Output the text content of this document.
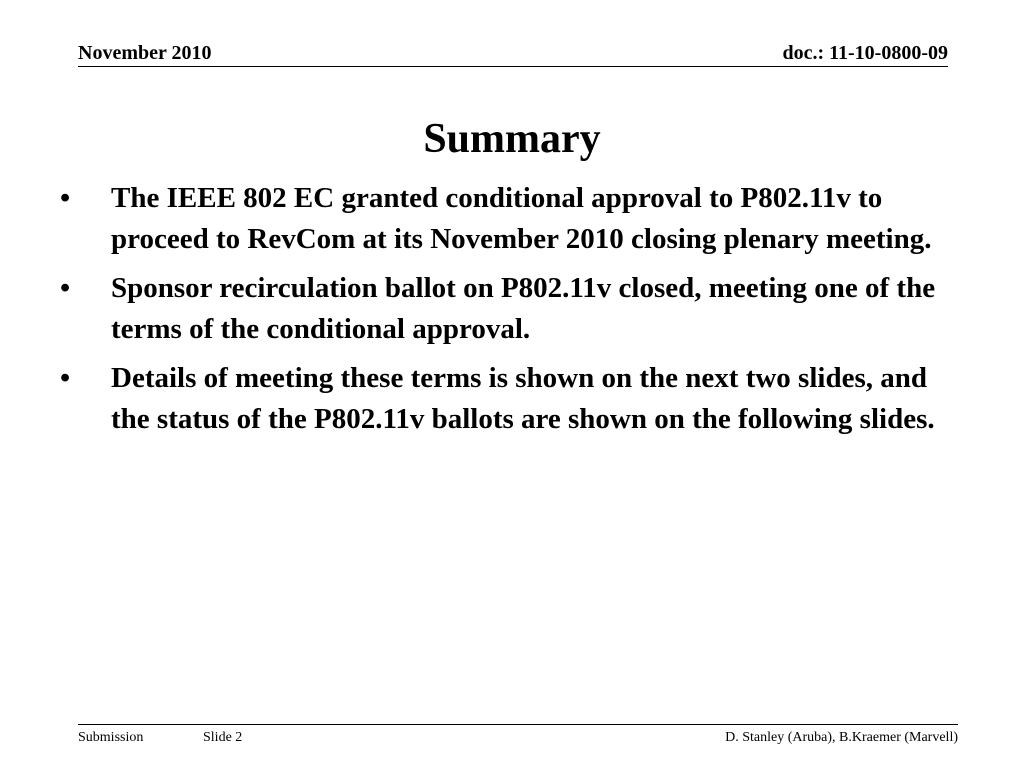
November 2010	doc.: 11-10-0800-09
Summary
•	The IEEE 802 EC granted conditional approval to P802.11v to proceed to RevCom at its November 2010 closing plenary meeting.
•	Sponsor recirculation ballot on P802.11v closed, meeting one of the terms of the conditional approval.
•	Details of meeting these terms is shown on the next two slides, and the status of the P802.11v ballots are shown on the following slides.
Submission	Slide 2	D. Stanley (Aruba), B.Kraemer (Marvell)
